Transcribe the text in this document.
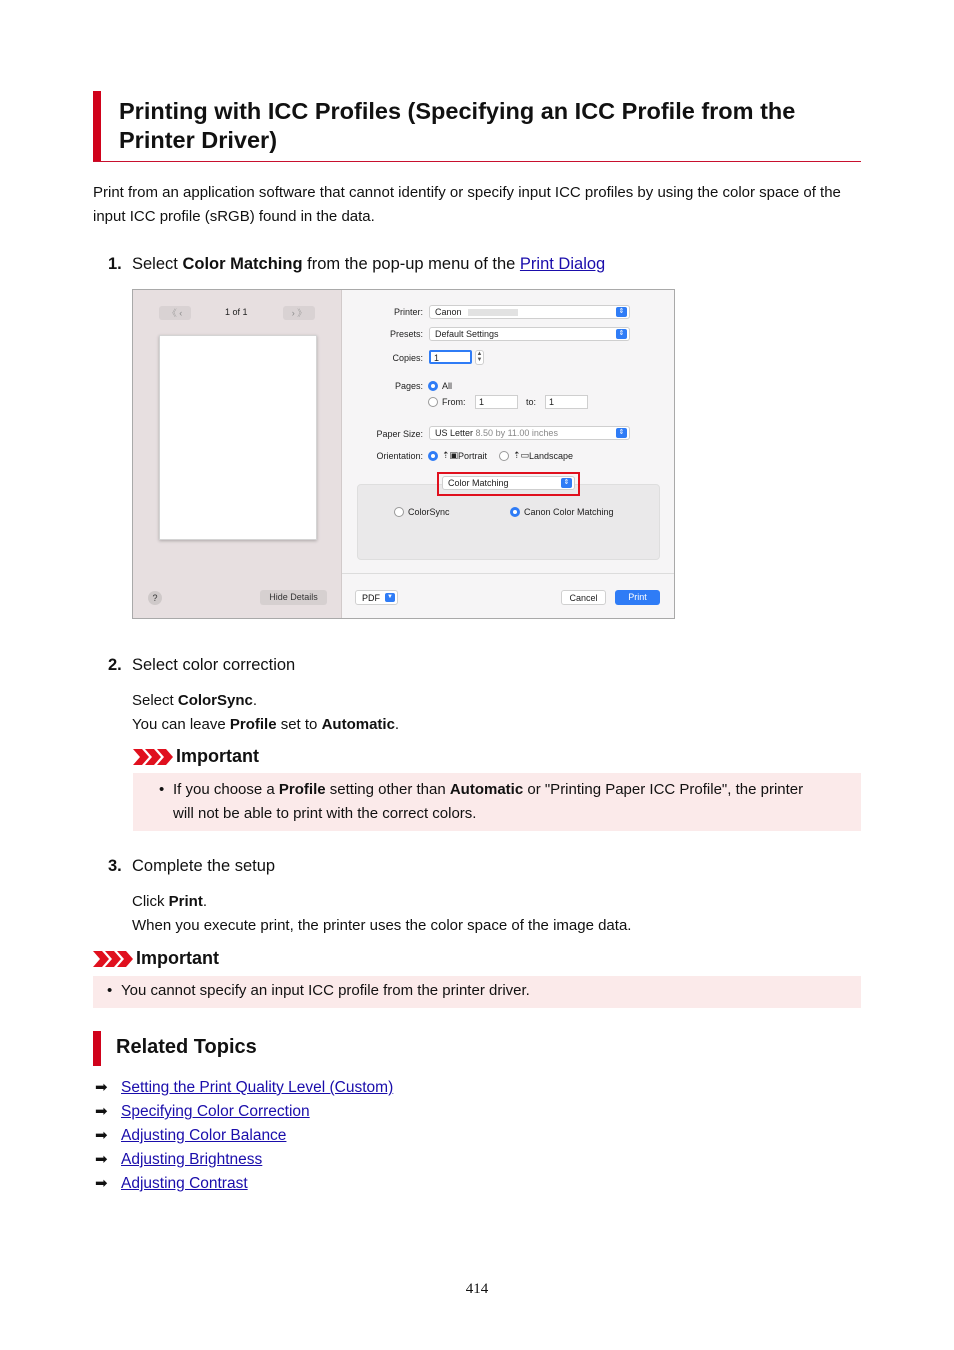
Printing with ICC Profiles (Specifying an ICC Profile from the Printer Driver)
Print from an application software that cannot identify or specify input ICC profiles by using the color space of the input ICC profile (sRGB) found in the data.
1. Select Color Matching from the pop-up menu of the Print Dialog
《 ‹	1 of 1	› 》
?	Hide Details
Printer:	Canon	⇕
Presets:	Default Settings	⇕
Copies:	1	▲
▼
Pages: All
From:	1	to:	1
Paper Size:	US Letter 8.50 by 11.00 inches	⇕
Orientation: ⇡▣ Portrait	⇡▭ Landscape
Color Matching	⇕
ColorSync	Canon Color Matching
PDF	▼	Cancel	Print
2. Select color correction
Select ColorSync.
You can leave Profile set to Automatic.
Important
• If you choose a Profile setting other than Automatic or "Printing Paper ICC Profile", the printer
will not be able to print with the correct colors.
3. Complete the setup
Click Print.
When you execute print, the printer uses the color space of the image data.
Important
• You cannot specify an input ICC profile from the printer driver.
Related Topics
➡ Setting the Print Quality Level (Custom)
➡ Specifying Color Correction
➡ Adjusting Color Balance
➡ Adjusting Brightness
➡ Adjusting Contrast
414
